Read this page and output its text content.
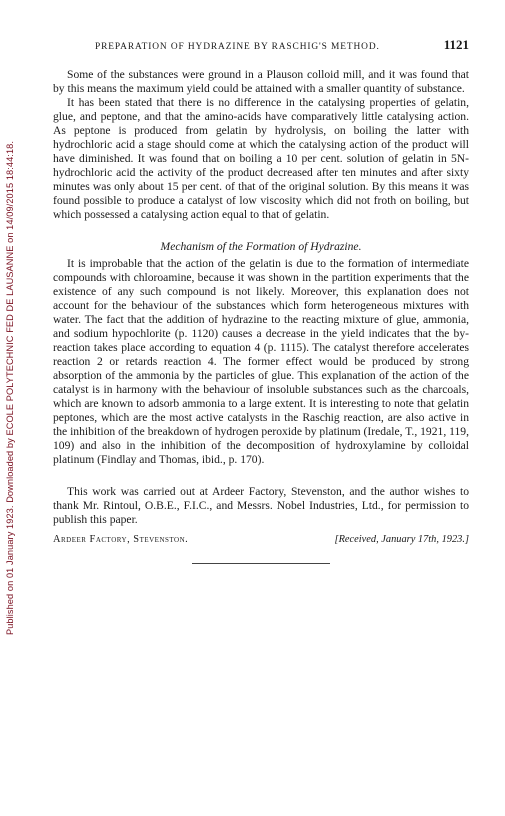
Published on 01 January 1923. Downloaded by ECOLE POLYTECHNIC FED DE LAUSANNE on 14/09/2015 18:44:18.
PREPARATION OF HYDRAZINE BY RASCHIG'S METHOD.	1121

Some of the substances were ground in a Plauson colloid mill, and it was found that by this means the maximum yield could be attained with a smaller quantity of substance.

It has been stated that there is no difference in the catalysing properties of gelatin, glue, and peptone, and that the amino-acids have comparatively little catalysing action. As peptone is produced from gelatin by hydrolysis, on boiling the latter with hydrochloric acid a stage should come at which the catalysing action of the product will have diminished. It was found that on boiling a 10 per cent. solution of gelatin in 5N-hydrochloric acid the activity of the product decreased after ten minutes and after sixty minutes was only about 15 per cent. of that of the original solution. By this means it was found possible to produce a catalyst of low viscosity which did not froth on boiling, but which possessed a catalysing action equal to that of gelatin.

Mechanism of the Formation of Hydrazine.

It is improbable that the action of the gelatin is due to the formation of intermediate compounds with chloroamine, because it was shown in the partition experiments that the existence of any such compound is not likely. Moreover, this explanation does not account for the behaviour of the substances which form heterogeneous mixtures with water. The fact that the addition of hydrazine to the reacting mixture of glue, ammonia, and sodium hypochlorite (p. 1120) causes a decrease in the yield indicates that the by-reaction takes place according to equation 4 (p. 1115). The catalyst therefore accelerates reaction 2 or retards reaction 4. The former effect would be produced by strong absorption of the ammonia by the particles of glue. This explanation of the action of the catalyst is in harmony with the behaviour of insoluble substances such as the charcoals, which are known to adsorb ammonia to a large extent. It is interesting to note that gelatin peptones, which are the most active catalysts in the Raschig reaction, are also active in the inhibition of the breakdown of hydrogen peroxide by platinum (Iredale, T., 1921, 119, 109) and also in the inhibition of the decomposition of hydroxylamine by colloidal platinum (Findlay and Thomas, ibid., p. 170).

This work was carried out at Ardeer Factory, Stevenston, and the author wishes to thank Mr. Rintoul, O.B.E., F.I.C., and Messrs. Nobel Industries, Ltd., for permission to publish this paper.

Ardeer Factory, Stevenston.	[Received, January 17th, 1923.]
